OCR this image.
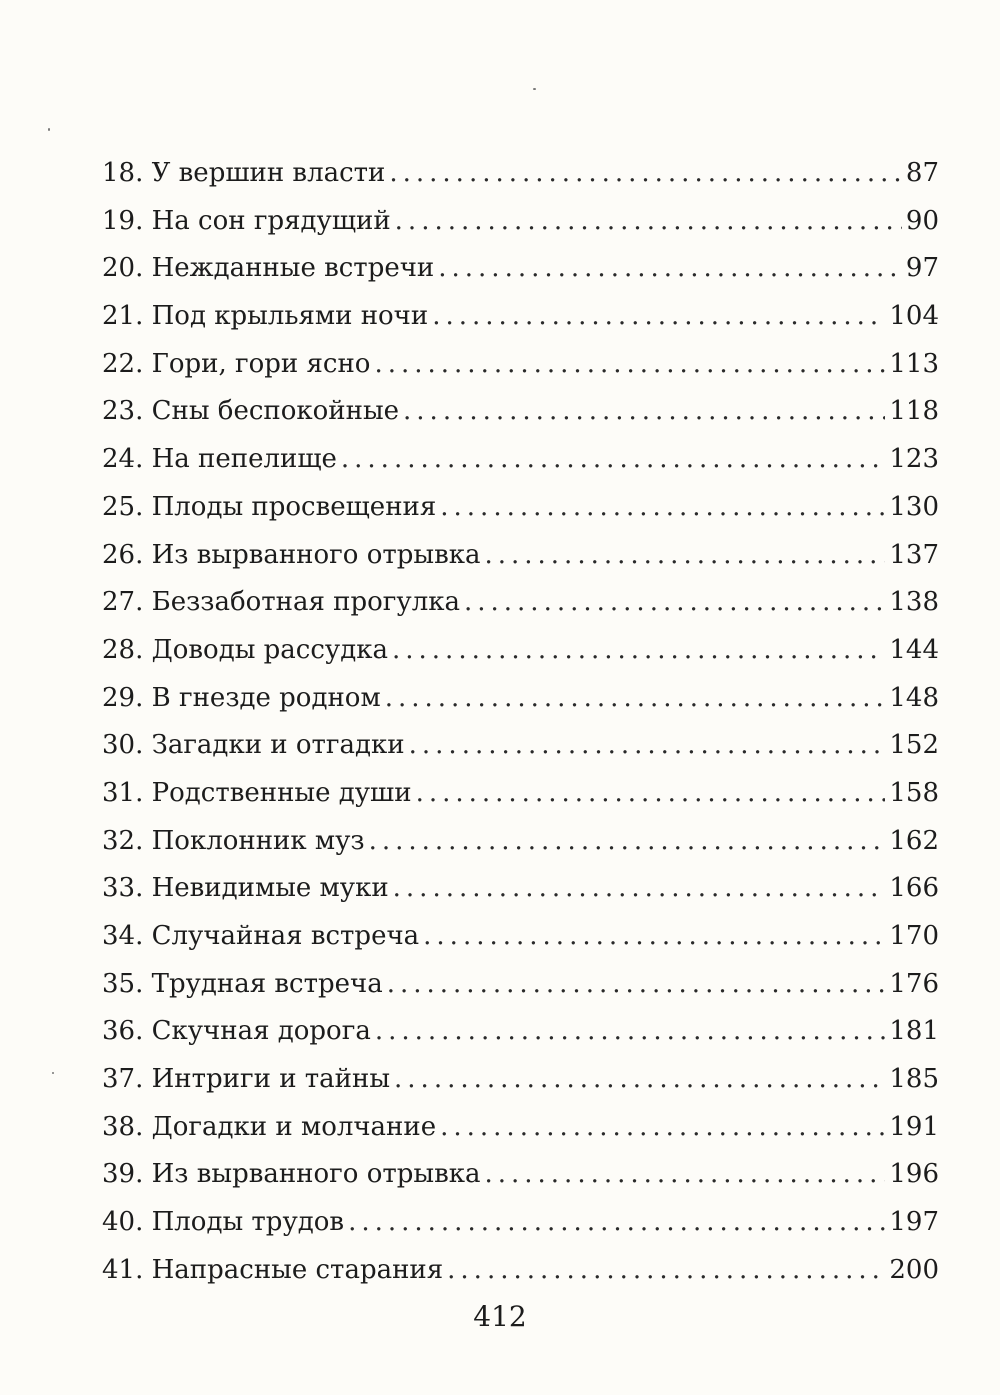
18. У вершин власти .....	87
19. На сон грядущий .....	90
20. Нежданные встречи .....	97
21. Под крыльями ночи .....	104
22. Гори, гори ясно .....	113
23. Сны беспокойные .....	118
24. На пепелище .....	123
25. Плоды просвещения .....	130
26. Из вырванного отрывка .....	137
27. Беззаботная прогулка .....	138
28. Доводы рассудка .....	144
29. В гнезде родном .....	148
30. Загадки и отгадки .....	152
31. Родственные души .....	158
32. Поклонник муз .....	162
33. Невидимые муки .....	166
34. Случайная встреча .....	170
35. Трудная встреча .....	176
36. Скучная дорога .....	181
37. Интриги и тайны .....	185
38. Догадки и молчание .....	191
39. Из вырванного отрывка .....	196
40. Плоды трудов .....	197
41. Напрасные старания .....	200
412
